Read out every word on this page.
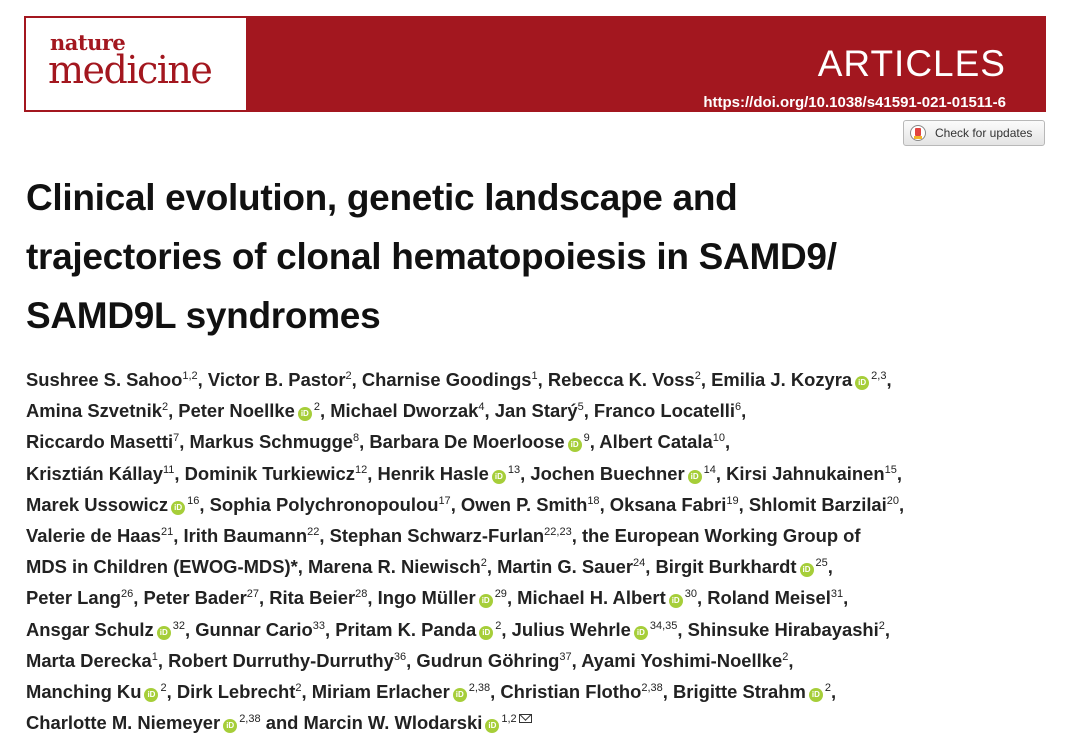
ARTICLES
https://doi.org/10.1038/s41591-021-01511-6
nature
medicine
Check for updates
Clinical evolution, genetic landscape and
trajectories of clonal hematopoiesis in SAMD9/
SAMD9L syndromes
Sushree S. Sahoo$^{1,2}$, Victor B. Pastor$^2$, Charnise Goodings$^1$, Rebecca K. Voss$^2$, Emilia J. Kozyra iD$^{2,3}$,
Amina Szvetnik$^2$, Peter Noellke $iD^2$, Michael Dworzak$^4$, Jan Starý$^5$, Franco Locatelli$^6$,
Riccardo Masetti$^7$, Markus Schmugge$^8$, Barbara De Moerloose $iD^9$, Albert Catala$^{10}$,
Krisztián Kállay$^{11}$, Dominik Turkiewicz$^{12}$, Henrik Hasle $iD^{13}$, Jochen Buechner $iD^{14}$, Kirsi Jahnukainen$^{15}$,
Marek Ussowicz $iD^{16}$, Sophia Polychronopoulou$^{17}$, Owen P. Smith$^{18}$, Oksana Fabri$^{19}$, Shlomit Barzilai$^{20}$,
Valerie de Haas$^{21}$, Irith Baumann$^{22}$, Stephan Schwarz-Furlan$^{22,23}$, the European Working Group of
MDS in Children (EWOG-MDS)*, Marena R. Niewisch$^2$, Martin G. Sauer$^{24}$, Birgit Burkhardt $iD^{25}$,
Peter Lang$^{26}$, Peter Bader$^{27}$, Rita Beier$^{28}$, Ingo Müller $iD^{29}$, Michael H. Albert $iD^{30}$, Roland Meisel$^{31}$,
Ansgar Schulz $iD^{32}$, Gunnar Cario$^{33}$, Pritam K. Panda $iD^2$, Julius Wehrle iD$^{34,35}$, Shinsuke Hirabayashi$^2$,
Marta Derecka$^1$, Robert Durruthy-Durruthy$^{36}$, Gudrun Göhring$^{37}$, Ayami Yoshimi-Noellke$^2$,
Manching Ku $iD^2$, Dirk Lebrecht$^2$, Miriam Erlacher iD$^{2,38}$, Christian Flotho$^{2,38}$, Brigitte Strahm $iD^2$,
Charlotte M. Niemeyer iD$^{2,38}$ and Marcin W. Wlodarski iD$^{1,2}$
